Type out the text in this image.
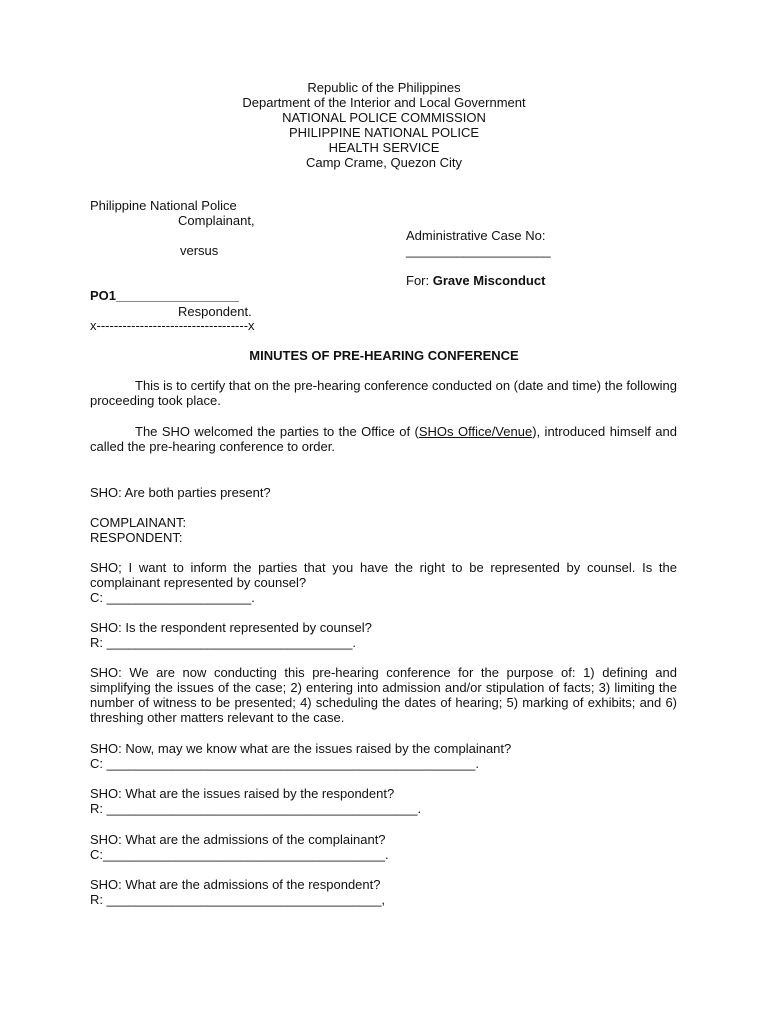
Republic of the Philippines
Department of the Interior and Local Government
NATIONAL POLICE COMMISSION
PHILIPPINE NATIONAL POLICE
HEALTH SERVICE
Camp Crame, Quezon City
Philippine National Police
Complainant,
versus
PO1_________________
Respondent.
x-----------------------------------x
Administrative Case No:
____________________
For: Grave Misconduct
MINUTES OF PRE-HEARING CONFERENCE
This is to certify that on the pre-hearing conference conducted on (date and time) the following proceeding took place.
The SHO welcomed the parties to the Office of (SHOs Office/Venue), introduced himself and called the pre-hearing conference to order.
SHO: Are both parties present?
COMPLAINANT:
RESPONDENT:
SHO; I want to inform the parties that you have the right to be represented by counsel. Is the complainant represented by counsel?
C: ____________________.
SHO: Is the respondent represented by counsel?
R: __________________________________.
SHO: We are now conducting this pre-hearing conference for the purpose of: 1) defining and simplifying the issues of the case; 2) entering into admission and/or stipulation of facts; 3) limiting the number of witness to be presented; 4) scheduling the dates of hearing; 5) marking of exhibits; and 6) threshing other matters relevant to the case.
SHO: Now, may we know what are the issues raised by the complainant?
C: ___________________________________________________.
SHO: What are the issues raised by the respondent?
R: ___________________________________________.
SHO: What are the admissions of the complainant?
C:_______________________________________.
SHO: What are the admissions of the respondent?
R: ______________________________________,
